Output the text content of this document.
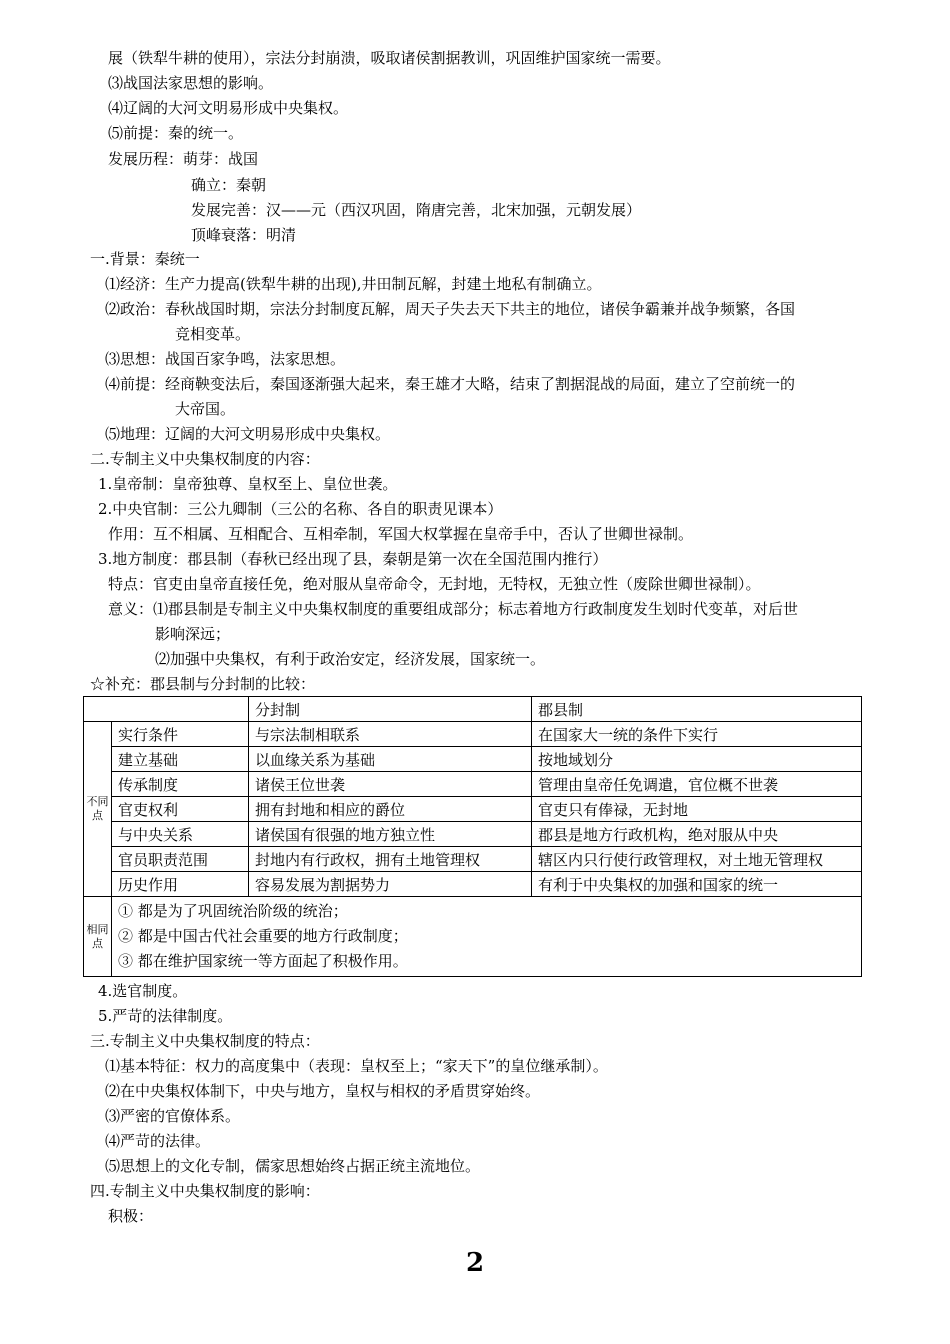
展（铁犁牛耕的使用），宗法分封崩溃，吸取诸侯割据教训，巩固维护国家统一需要。
⑶战国法家思想的影响。
⑷辽阔的大河文明易形成中央集权。
⑸前提：秦的统一。
发展历程：萌芽：战国
确立：秦朝
发展完善：汉——元（西汉巩固，隋唐完善，北宋加强，元朝发展）
顶峰衰落：明清
一.背景：秦统一
⑴经济：生产力提高(铁犁牛耕的出现),井田制瓦解，封建土地私有制确立。
⑵政治：春秋战国时期，宗法分封制度瓦解，周天子失去天下共主的地位，诸侯争霸兼并战争频繁，各国
竞相变革。
⑶思想：战国百家争鸣，法家思想。
⑷前提：经商鞅变法后，秦国逐渐强大起来，秦王雄才大略，结束了割据混战的局面，建立了空前统一的
大帝国。
⑸地理：辽阔的大河文明易形成中央集权。
二.专制主义中央集权制度的内容：
1.皇帝制：皇帝独尊、皇权至上、皇位世袭。
2.中央官制：三公九卿制（三公的名称、各自的职责见课本）
作用：互不相属、互相配合、互相牵制，军国大权掌握在皇帝手中，否认了世卿世禄制。
3.地方制度：郡县制（春秋已经出现了县，秦朝是第一次在全国范围内推行）
特点：官吏由皇帝直接任免，绝对服从皇帝命令，无封地，无特权，无独立性（废除世卿世禄制）。
意义：⑴郡县制是专制主义中央集权制度的重要组成部分；标志着地方行政制度发生划时代变革，对后世
影响深远；
⑵加强中央集权，有利于政治安定，经济发展，国家统一。
☆补充：郡县制与分封制的比较：
		分封制	郡县制
不同点	实行条件	与宗法制相联系	在国家大一统的条件下实行
	建立基础	以血缘关系为基础	按地域划分
	传承制度	诸侯王位世袭	管理由皇帝任免调遣，官位概不世袭
	官吏权利	拥有封地和相应的爵位	官吏只有俸禄，无封地
	与中央关系	诸侯国有很强的地方独立性	郡县是地方行政机构，绝对服从中央
	官员职责范围	封地内有行政权，拥有土地管理权	辖区内只行使行政管理权，对土地无管理权
	历史作用	容易发展为割据势力	有利于中央集权的加强和国家的统一
相同点	① 都是为了巩固统治阶级的统治；
② 都是中国古代社会重要的地方行政制度；
③ 都在维护国家统一等方面起了积极作用。		
4.选官制度。
5.严苛的法律制度。
三.专制主义中央集权制度的特点：
⑴基本特征：权力的高度集中（表现：皇权至上；“家天下”的皇位继承制）。
⑵在中央集权体制下，中央与地方，皇权与相权的矛盾贯穿始终。
⑶严密的官僚体系。
⑷严苛的法律。
⑸思想上的文化专制，儒家思想始终占据正统主流地位。
四.专制主义中央集权制度的影响：
积极：
2
